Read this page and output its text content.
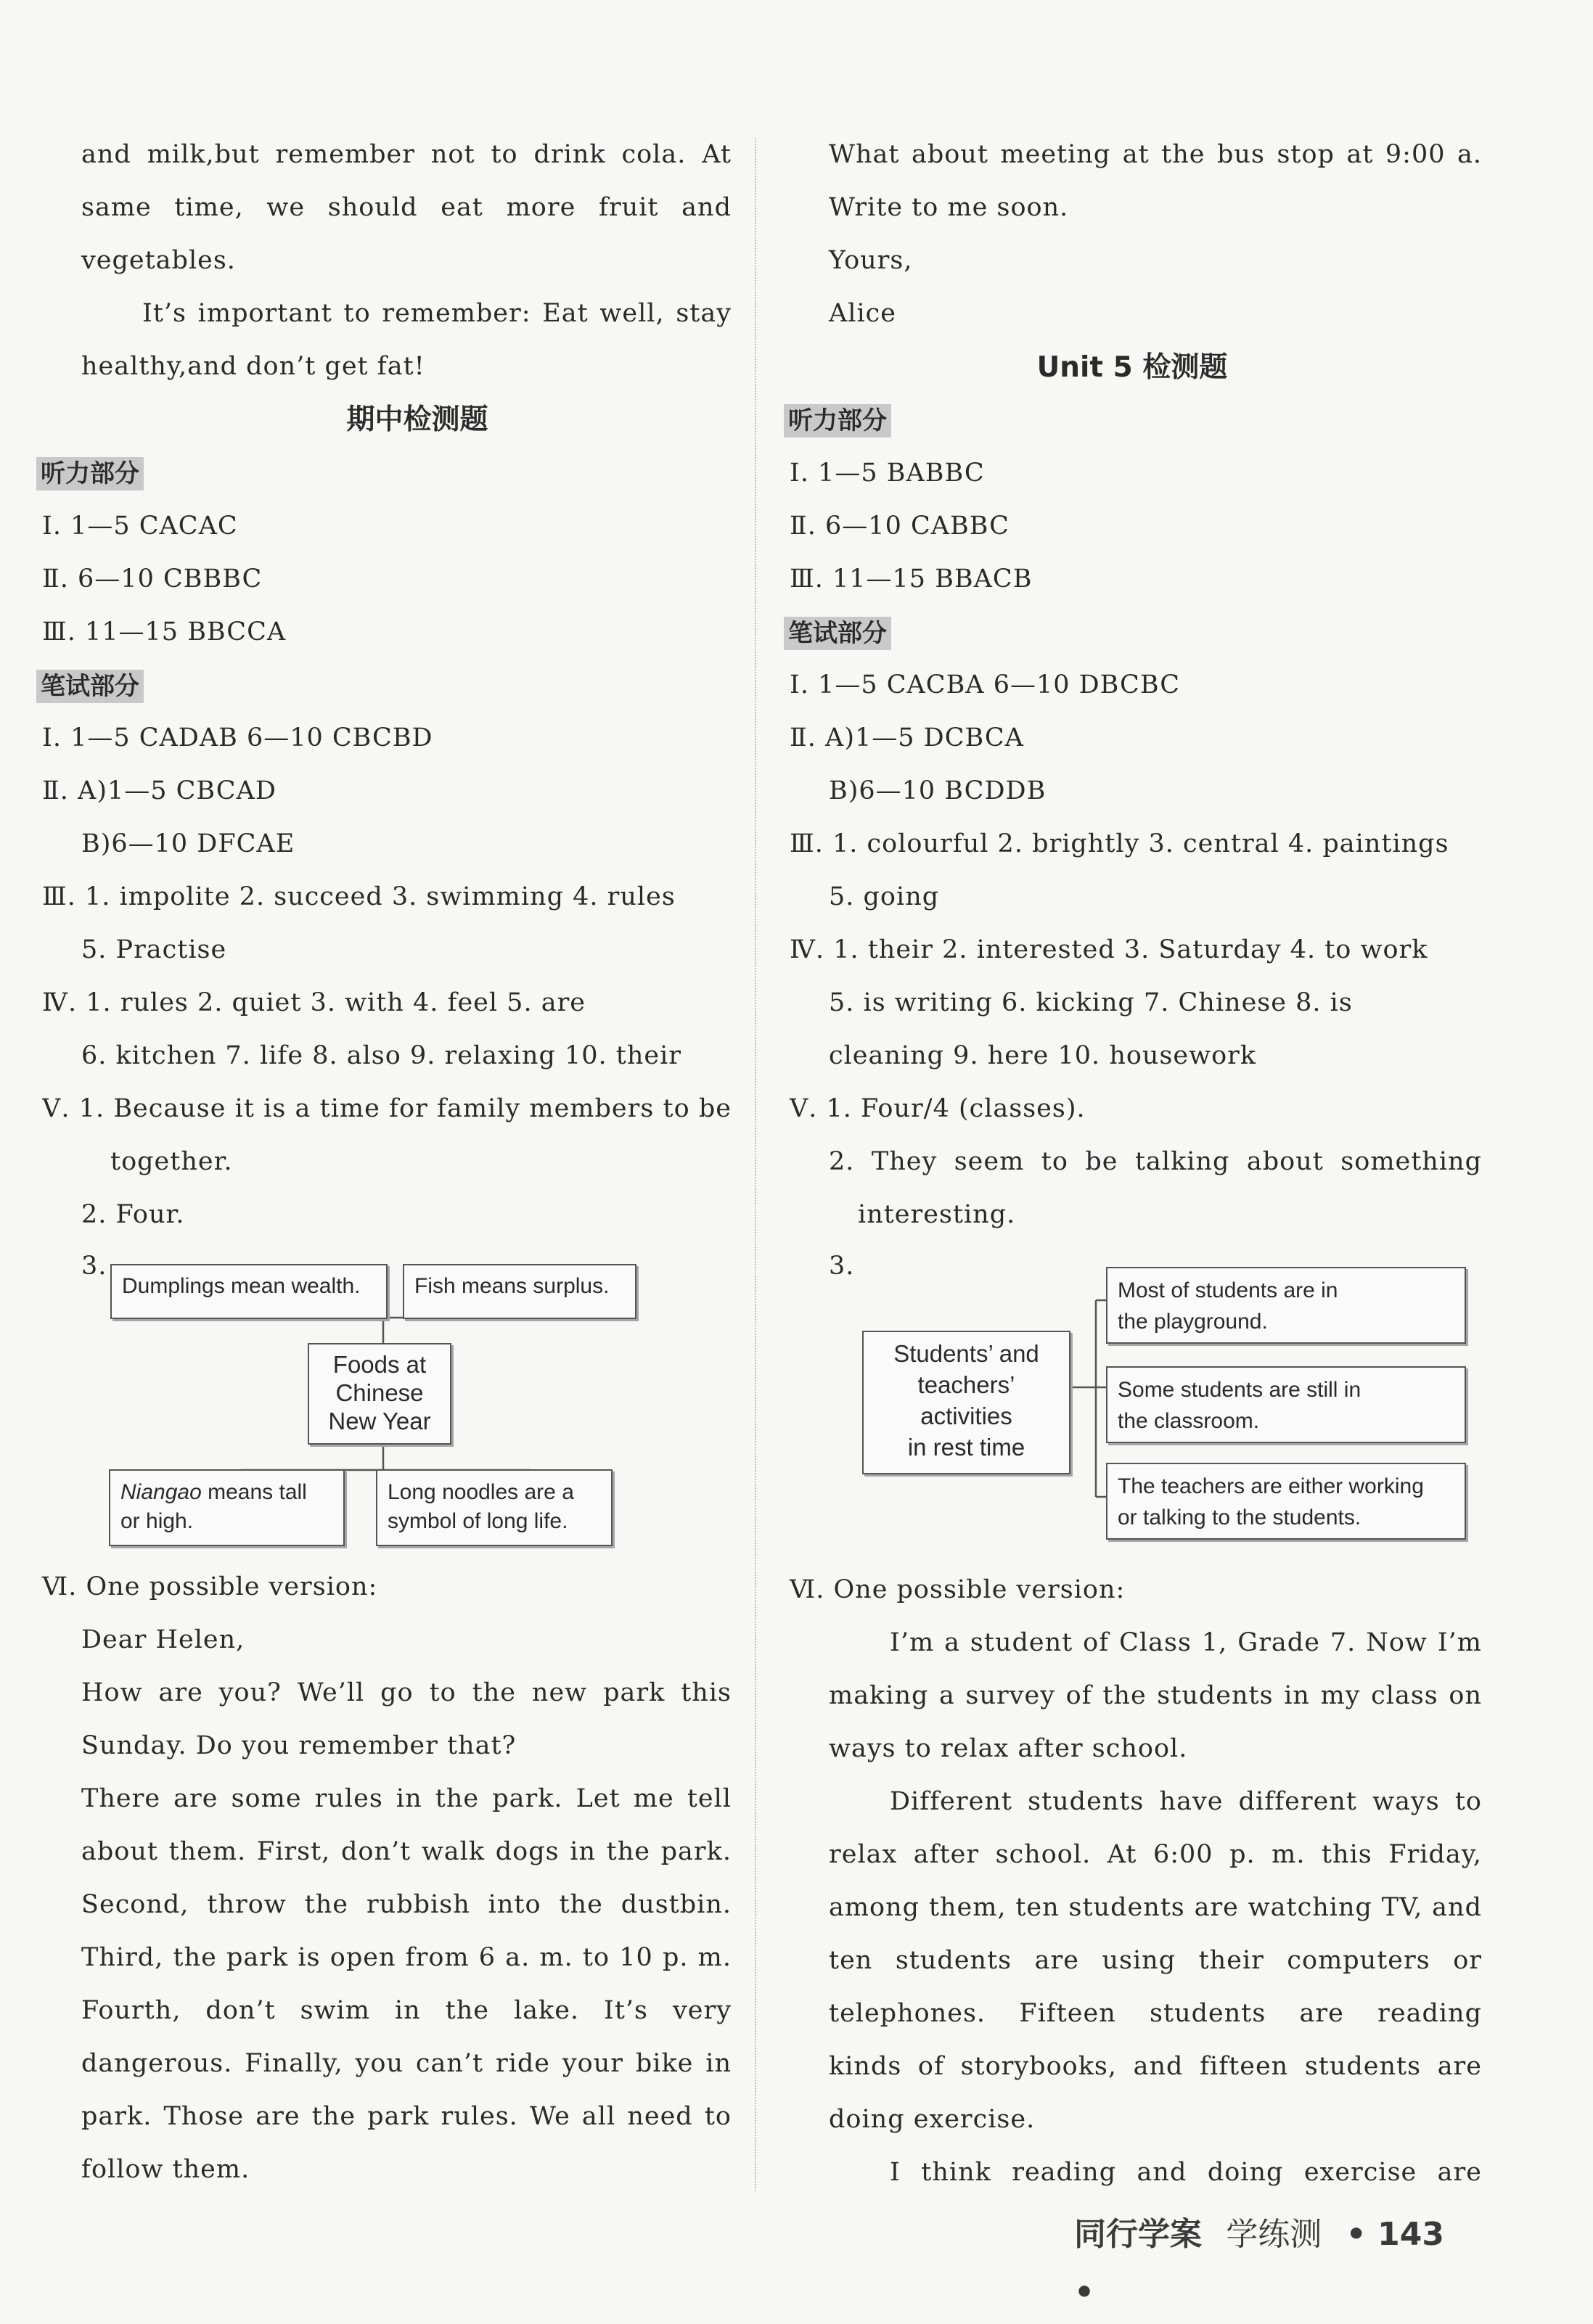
and milk,but remember not to drink cola. At
same time, we should eat more fruit and
vegetables.
It’s important to remember: Eat well, stay
healthy,and don’t get fat!
期中检测题
听力部分
Ⅰ. 1—5 CACAC
Ⅱ. 6—10 CBBBC
Ⅲ. 11—15 BBCCA
笔试部分
Ⅰ. 1—5 CADAB 6—10 CBCBD
Ⅱ. A)1—5 CBCAD
B)6—10 DFCAE
Ⅲ. 1. impolite 2. succeed 3. swimming 4. rules
5. Practise
Ⅳ. 1. rules 2. quiet 3. with 4. feel 5. are
6. kitchen 7. life 8. also 9. relaxing 10. their
Ⅴ. 1. Because it is a time for family members to be
together.
2. Four.
3.
Dumplings mean wealth.	Fish means surplus.
Foods at
Chinese
New Year
Niangao means tall
or high.
Long noodles are a
symbol of long life.
Ⅵ. One possible version:
Dear Helen,
How are you? We’ll go to the new park this
Sunday. Do you remember that?
There are some rules in the park. Let me tell
about them. First, don’t walk dogs in the park.
Second, throw the rubbish into the dustbin.
Third, the park is open from 6 a. m. to 10 p. m.
Fourth, don’t swim in the lake. It’s very
dangerous. Finally, you can’t ride your bike in
park. Those are the park rules. We all need to
follow them.
What about meeting at the bus stop at 9:00 a.
Write to me soon.
Yours,
Alice
Unit 5 检测题
听力部分
Ⅰ. 1—5 BABBC
Ⅱ. 6—10 CABBC
Ⅲ. 11—15 BBACB
笔试部分
Ⅰ. 1—5 CACBA 6—10 DBCBC
Ⅱ. A)1—5 DCBCA
B)6—10 BCDDB
Ⅲ. 1. colourful 2. brightly 3. central 4. paintings
5. going
Ⅳ. 1. their 2. interested 3. Saturday 4. to work
5. is writing 6. kicking 7. Chinese 8. is
cleaning 9. here 10. housework
Ⅴ. 1. Four/4 (classes).
2. They seem to be talking about something
interesting.
3.
Students’ and
teachers’
activities
in rest time
Most of students are in
the playground.
Some students are still in
the classroom.
The teachers are either working
or talking to the students.
Ⅵ. One possible version:
I’m a student of Class 1, Grade 7. Now I’m
making a survey of the students in my class on
ways to relax after school.
Different students have different ways to
relax after school. At 6:00 p. m. this Friday,
among them, ten students are watching TV, and
ten students are using their computers or
telephones. Fifteen students are reading
kinds of storybooks, and fifteen students are
doing exercise.
I think reading and doing exercise are
同行学案 学练测 • 143 •
